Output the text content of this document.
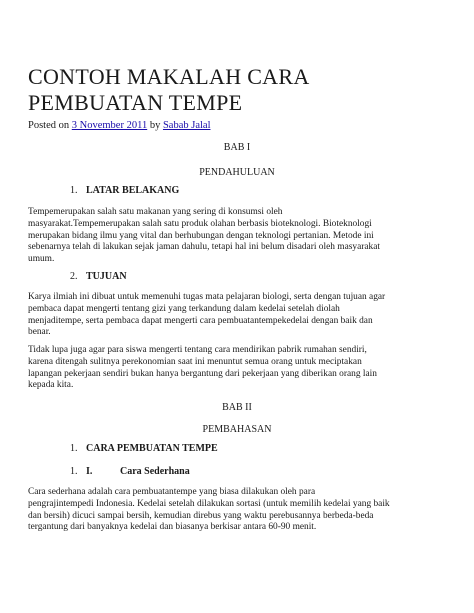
CONTOH MAKALAH CARA PEMBUATAN TEMPE
Posted on 3 November 2011 by Sabab Jalal
BAB I
PENDAHULUAN
1. LATAR BELAKANG
Tempemerupakan salah satu makanan yang sering di konsumsi oleh
masyarakat.Tempemerupakan salah satu produk olahan berbasis bioteknologi. Bioteknologi
merupakan bidang ilmu yang vital dan berhubungan dengan teknologi pertanian. Metode ini
sebenarnya telah di lakukan sejak jaman dahulu, tetapi hal ini belum disadari oleh masyarakat
umum.
2. TUJUAN
Karya ilmiah ini dibuat untuk memenuhi tugas mata pelajaran biologi, serta dengan tujuan agar
pembaca dapat mengerti tentang gizi yang terkandung dalam kedelai setelah diolah
menjaditempe, serta pembaca dapat mengerti cara pembuatantempekedelai dengan baik dan
benar.
Tidak lupa juga agar para siswa mengerti tentang cara mendirikan pabrik rumahan sendiri,
karena ditengah sulitnya perekonomian saat ini menuntut semua orang untuk meciptakan
lapangan pekerjaan sendiri bukan hanya bergantung dari pekerjaan yang diberikan orang lain
kepada kita.
BAB II
PEMBAHASAN
1. CARA PEMBUATAN TEMPE
1. I.	Cara Sederhana
Cara sederhana adalah cara pembuatantempe yang biasa dilakukan oleh para
pengrajintempedi Indonesia. Kedelai setelah dilakukan sortasi (untuk memilih kedelai yang baik
dan bersih) dicuci sampai bersih, kemudian direbus yang waktu perebusannya berbeda-beda
tergantung dari banyaknya kedelai dan biasanya berkisar antara 60-90 menit.
